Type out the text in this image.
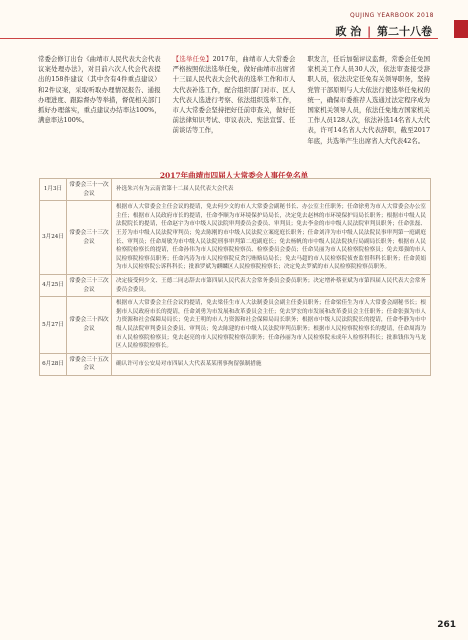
QUJING YEARBOOK 2018
政 治 | 第二十八卷
常委会修订出台《曲靖市人民代表大会代表议案处理办法》，对目前六次人代会代表提出的158件建议（其中含有4件重点建议）和2件议案，采取听取办理情况报告、通报办理进度、跟踪督办等举措，督促相关部门抓好办理落实，重点建议办结率达100%，满意率达100%。
【选举任免】2017年，曲靖市人大常委会严格按照依法选举任免，做好曲靖市出席省十三届人民代表大会代表的选举工作和市人大代表补选工作，配合组织部门对市、区人大代表人选进行考察、依法组织选举工作，市人大常委会坚持把好任前审查关，做好任前法律知识考试、审议表决、宪法宣誓、任前谈话等工作，
职发言，任后加强评议监督，常委会任免国家机关工作人员30人次，依法审查接受辞职人员，依法决定任免有关领导职务，坚持党管干部原则与人大依法行使选举任免权的统一，确保市委推荐人选通过法定程序成为国家机关领导人员，依法任免地方国家机关工作人员128人次，依法补选14名省人大代表，许可14名省人大代表辞职，截至2017年底，共选举产生出席省人大代表42名。
2017年曲靖市四届人大常委会人事任免名单
1月3日	常委会三十一次会议	补选朱兴有为云南省第十二届人民代表大会代表
3月24日	常委会三十三次会议	根据市人大常委会主任会议的提请，免去何少文的市人大常委会副秘书长、办公室主任职务；任命徐勇为市人大常委会办公室主任；根据市人民政府市长的提请，任命李顺为市环境保护局局长，决定免去赵林的市环境保护局局长职务；根据市中级人民法院院长的提请，任命赵宇为市中级人民法院审判委员会委员、审判员；免去李金的市中级人民法院审判员职务；任命张磊、王芳为市中级人民法院审判员；免去陈刚的市中级人民法院立案庭庭长职务；任命刘洋为市中级人民法院民事审判第一庭副庭长、审判员；任命周敏为市中级人民法院刑事审判第二庭副庭长；免去杨帆的市中级人民法院执行局副局长职务；根据市人民检察院检察长的提请，任命孙伟为市人民检察院检察员、检察委员会委员；任命吴丽为市人民检察院检察员；免去郑强的市人民检察院检察员职务；任命冯涛为市人民检察院反贪污贿赂局局长；免去马超的市人民检察院侦查监督科科长职务；任命黄娟为市人民检察院公诉科科长；批准罗斌为麒麟区人民检察院检察长；决定免去罗斌的市人民检察院检察员职务。
4月25日	常委会三十三次会议	决定接受何少文、王德二同志辞去市第四届人民代表大会常务委员会委员职务；决定增补蔡亚斌为市第四届人民代表大会常务委员会委员。
5月27日	常委会三十四次会议	根据市人大常委会主任会议的提请，免去梁佳生市人大法制委员会副主任委员职务；任命梁佳生为市人大常委会副秘书长；根据市人民政府市长的提请，任命刘勇为市发展和改革委员会主任；免去罗宏的市发展和改革委员会主任职务；任命张强为市人力资源和社会保障局局长；免去王明的市人力资源和社会保障局局长职务；根据市中级人民法院院长的提请，任命李静为市中级人民法院审判委员会委员、审判员；免去陈建的市中级人民法院审判员职务；根据市人民检察院检察长的提请，任命周海为市人民检察院检察员；免去赵亮的市人民检察院检察员职务；任命孙丽为市人民检察院未成年人检察科科长；批准钱伟为马龙区人民检察院检察长。
6月28日	常委会三十五次会议	确认许可市公安局对市四届人大代表某某刑事拘留强制措施
261
